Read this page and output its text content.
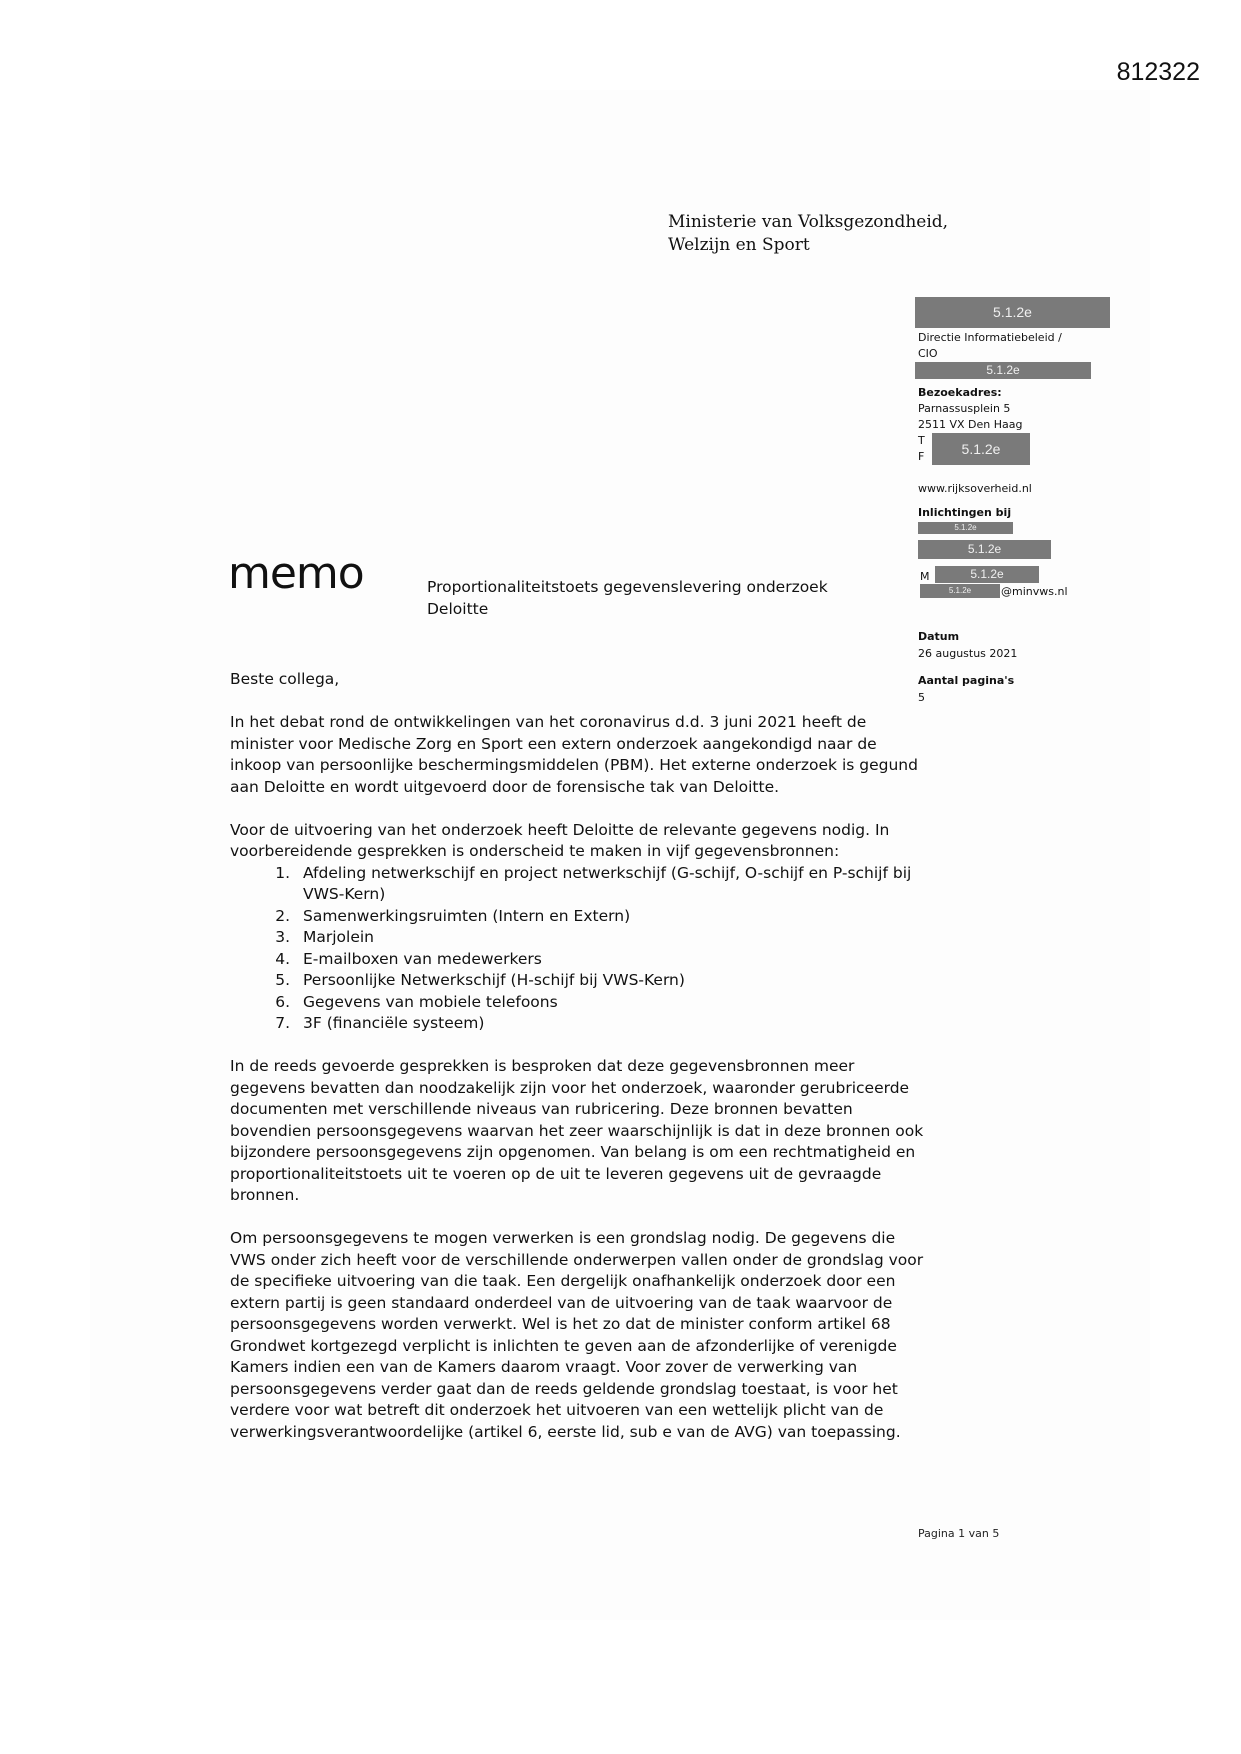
812322
Ministerie van Volksgezondheid,
Welzijn en Sport
5.1.2e
Directie Informatiebeleid /
CIO
5.1.2e
Bezoekadres:
Parnassusplein 5
2511 VX Den Haag
T
F	5.1.2e
www.rijksoverheid.nl
Inlichtingen bij
5.1.2e
5.1.2e
M	5.1.2e
5.1.2e	@minvws.nl
Datum
26 augustus 2021
Aantal pagina's
5
memo	Proportionaliteitstoets gegevenslevering onderzoek
Deloitte

Beste collega,

In het debat rond de ontwikkelingen van het coronavirus d.d. 3 juni 2021 heeft de minister voor Medische Zorg en Sport een extern onderzoek aangekondigd naar de inkoop van persoonlijke beschermingsmiddelen (PBM). Het externe onderzoek is gegund aan Deloitte en wordt uitgevoerd door de forensische tak van Deloitte.

Voor de uitvoering van het onderzoek heeft Deloitte de relevante gegevens nodig. In voorbereidende gesprekken is onderscheid te maken in vijf gegevensbronnen:

1. Afdeling netwerkschijf en project netwerkschijf (G-schijf, O-schijf en P-schijf bij VWS-Kern)
2. Samenwerkingsruimten (Intern en Extern)
3. Marjolein
4. E-mailboxen van medewerkers
5. Persoonlijke Netwerkschijf (H-schijf bij VWS-Kern)
6. Gegevens van mobiele telefoons
7. 3F (financiële systeem)

In de reeds gevoerde gesprekken is besproken dat deze gegevensbronnen meer gegevens bevatten dan noodzakelijk zijn voor het onderzoek, waaronder gerubriceerde documenten met verschillende niveaus van rubricering. Deze bronnen bevatten bovendien persoonsgegevens waarvan het zeer waarschijnlijk is dat in deze bronnen ook bijzondere persoonsgegevens zijn opgenomen. Van belang is om een rechtmatigheid en proportionaliteitstoets uit te voeren op de uit te leveren gegevens uit de gevraagde bronnen.

Om persoonsgegevens te mogen verwerken is een grondslag nodig. De gegevens die VWS onder zich heeft voor de verschillende onderwerpen vallen onder de grondslag voor de specifieke uitvoering van die taak. Een dergelijk onafhankelijk onderzoek door een extern partij is geen standaard onderdeel van de uitvoering van de taak waarvoor de persoonsgegevens worden verwerkt. Wel is het zo dat de minister conform artikel 68 Grondwet kortgezegd verplicht is inlichten te geven aan de afzonderlijke of verenigde Kamers indien een van de Kamers daarom vraagt. Voor zover de verwerking van persoonsgegevens verder gaat dan de reeds geldende grondslag toestaat, is voor het verdere voor wat betreft dit onderzoek het uitvoeren van een wettelijk plicht van de verwerkingsverantwoordelijke (artikel 6, eerste lid, sub e van de AVG) van toepassing.

Pagina 1 van 5
